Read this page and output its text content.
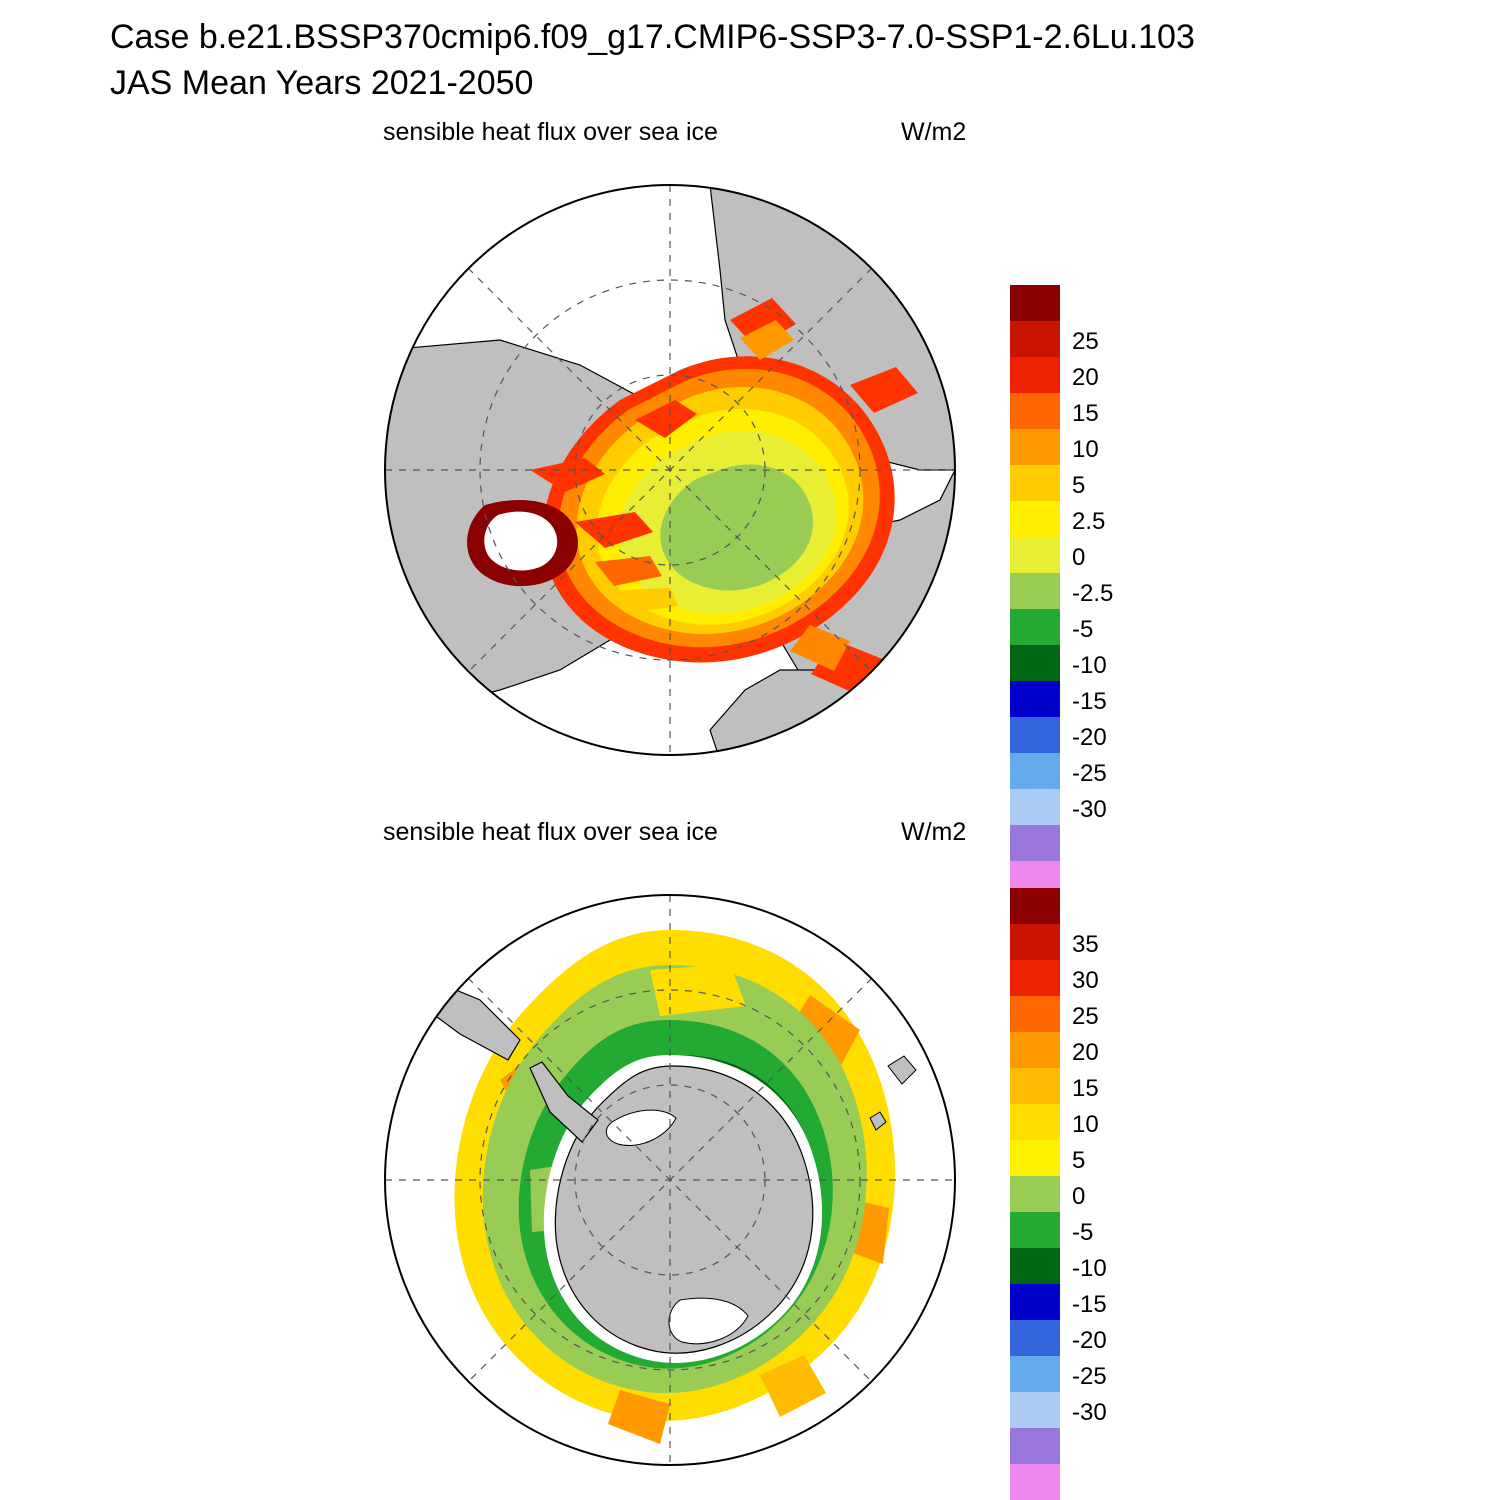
Case b.e21.BSSP370cmip6.f09_g17.CMIP6-SSP3-7.0-SSP1-2.6Lu.103
JAS Mean Years 2021-2050
sensible heat flux over sea ice	W/m2
25
20
15
10
5
2.5
0
-2.5
-5
-10
-15
-20
-25
-30
sensible heat flux over sea ice	W/m2
35
30
25
20
15
10
5
0
-5
-10
-15
-20
-25
-30
